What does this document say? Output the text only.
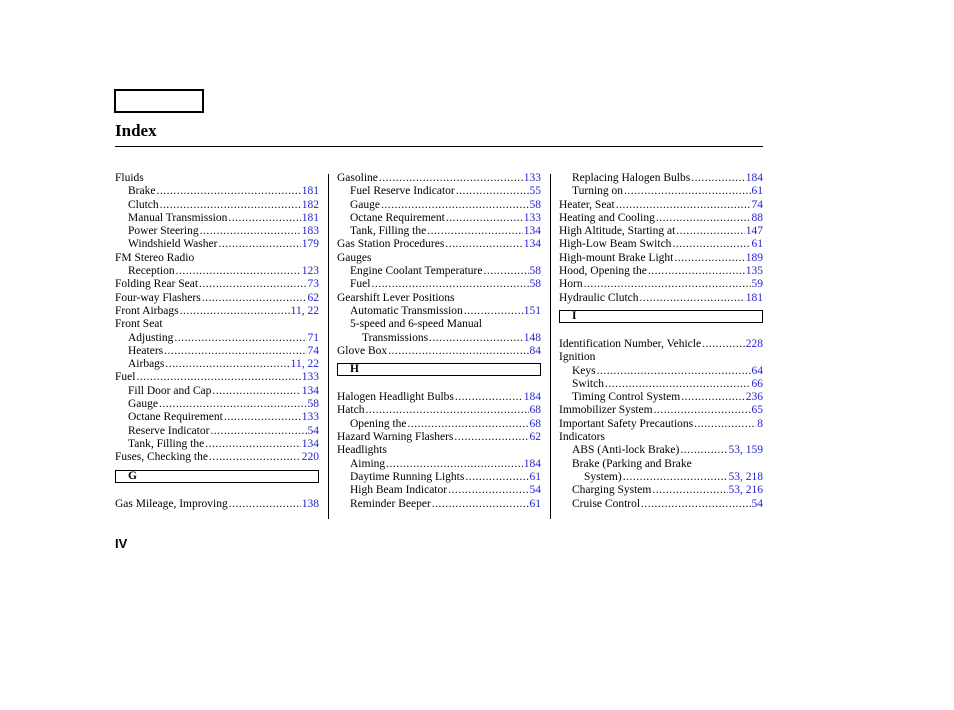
Index
Fluids
Brake .....	181
Clutch .....	182
Manual Transmission .....	181
Power Steering .....	183
Windshield Washer .....	179
FM Stereo Radio
Reception .....	123
Folding Rear Seat .....	73
Four-way Flashers .....	62
Front Airbags .....	11, 22
Front Seat
Adjusting .....	71
Heaters .....	74
Airbags .....	11, 22
Fuel .....	133
Fill Door and Cap .....	134
Gauge .....	58
Octane Requirement .....	133
Reserve Indicator .....	54
Tank, Filling the .....	134
Fuses, Checking the .....	220
G
Gas Mileage, Improving .....	138
Gasoline .....	133
Fuel Reserve Indicator .....	55
Gauge .....	58
Octane Requirement .....	133
Tank, Filling the .....	134
Gas Station Procedures .....	134
Gauges
Engine Coolant Temperature .....	58
Fuel .....	58
Gearshift Lever Positions
Automatic Transmission .....	151
5-speed and 6-speed Manual
Transmissions .....	148
Glove Box .....	84
H
Halogen Headlight Bulbs .....	184
Hatch .....	68
Opening the .....	68
Hazard Warning Flashers .....	62
Headlights
Aiming .....	184
Daytime Running Lights .....	61
High Beam Indicator .....	54
Reminder Beeper .....	61
Replacing Halogen Bulbs .....	184
Turning on .....	61
Heater, Seat .....	74
Heating and Cooling .....	88
High Altitude, Starting at .....	147
High-Low Beam Switch .....	61
High-mount Brake Light .....	189
Hood, Opening the .....	135
Horn .....	59
Hydraulic Clutch .....	181
I
Identification Number, Vehicle .....	228
Ignition
Keys .....	64
Switch .....	66
Timing Control System .....	236
Immobilizer System .....	65
Important Safety Precautions .....	8
Indicators
ABS (Anti-lock Brake) .....	53, 159
Brake (Parking and Brake
System) .....	53, 218
Charging System .....	53, 216
Cruise Control .....	54
IV
